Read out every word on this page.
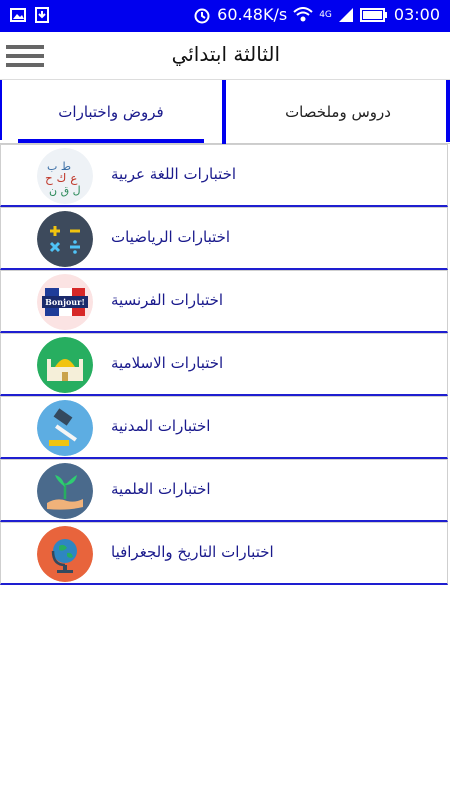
60.48K/s	4G	03:00
الثالثة ابتدائي
فروض واختبارات	دروس وملخصات
ط ب
ع ك ح
ل ق ن
اختبارات اللغة عربية
اختبارات الرياضيات
Bonjour! اختبارات الفرنسية
اختبارات الاسلامية
اختبارات المدنية
اختبارات العلمية
اختبارات التاريخ والجغرافيا
